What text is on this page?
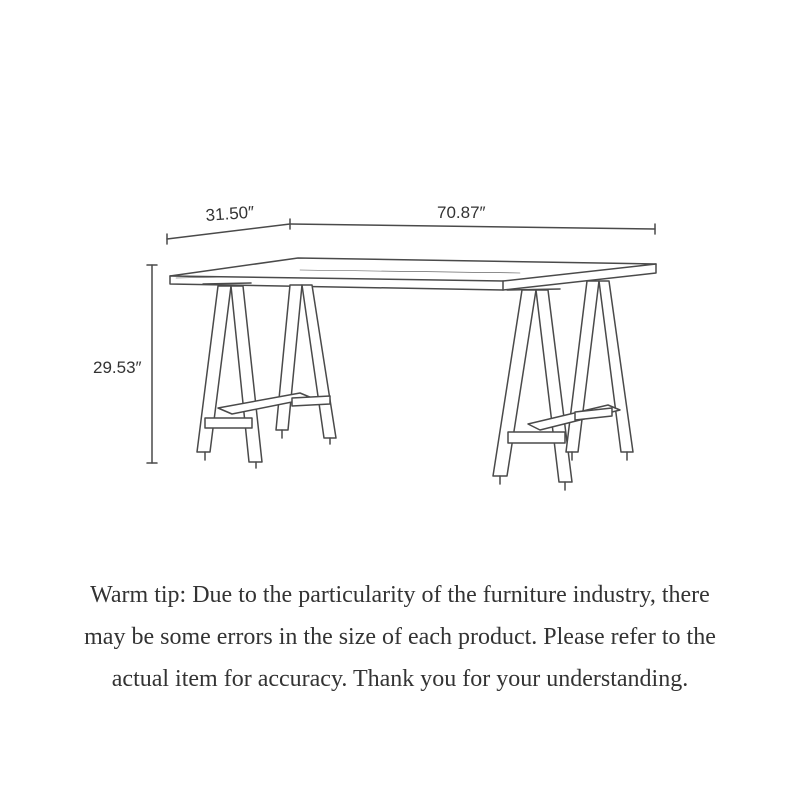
31.50″	70.87″
29.53″
Warm tip: Due to the particularity of the furniture industry, there
may be some errors in the size of each product. Please refer to the
actual item for accuracy. Thank you for your understanding.
